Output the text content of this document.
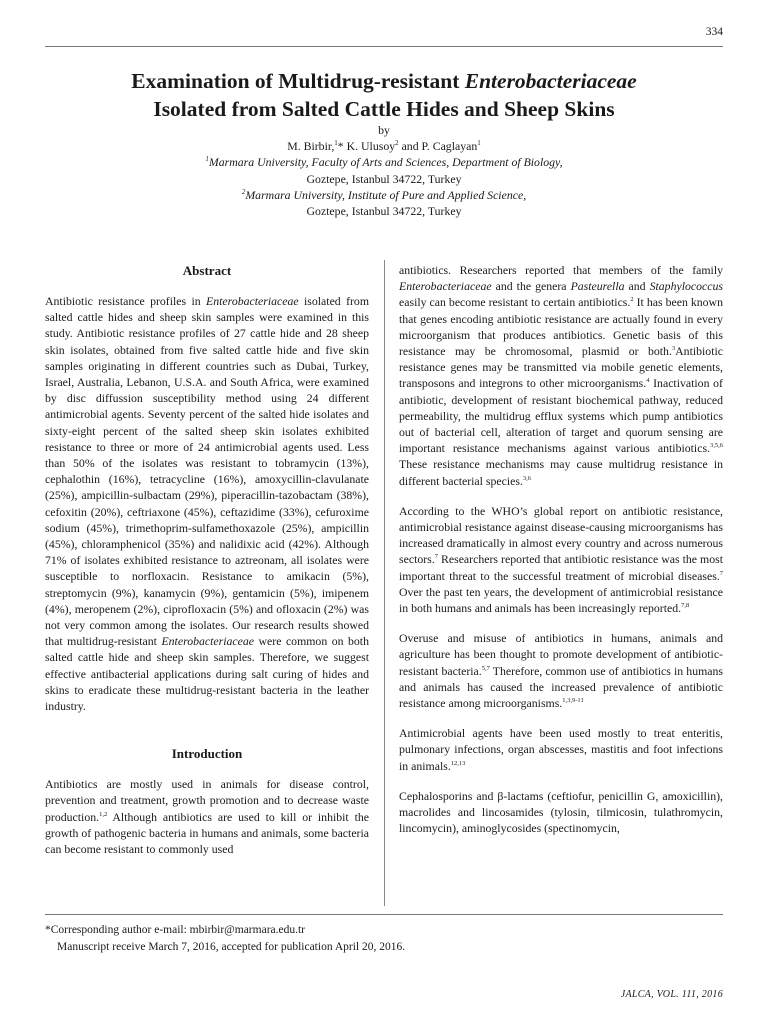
334
Examination of Multidrug-resistant Enterobacteriaceae
Isolated from Salted Cattle Hides and Sheep Skins
by
M. Birbir,$^1$* K. Ulusoy$^2$ and P. Caglayan$^1$
$^1$Marmara University, Faculty of Arts and Sciences, Department of Biology,
Goztepe, Istanbul 34722, Turkey
$^2$Marmara University, Institute of Pure and Applied Science,
Goztepe, Istanbul 34722, Turkey
Abstract

Antibiotic resistance profiles in Enterobacteriaceae isolated from salted cattle hides and sheep skin samples were examined in this study. Antibiotic resistance profiles of 27 cattle hide and 28 sheep skin isolates, obtained from five salted cattle hide and five skin samples originating in different countries such as Dubai, Turkey, Israel, Australia, Lebanon, U.S.A. and South Africa, were examined by disc diffussion susceptibility method using 24 different antimicrobial agents. Seventy percent of the salted hide isolates and sixty-eight percent of the salted sheep skin isolates exhibited resistance to three or more of 24 antimicrobial agents used. Less than 50% of the isolates was resistant to tobramycin (13%), cephalothin (16%), tetracycline (16%), amoxycillin-clavulanate (25%), ampicillin-sulbactam (29%), piperacillin-tazobactam (38%), cefoxitin (20%), ceftriaxone (45%), ceftazidime (33%), cefuroxime sodium (45%), trimethoprim-sulfamethoxazole (25%), ampicillin (45%), chloramphenicol (35%) and nalidixic acid (42%). Although 71% of isolates exhibited resistance to aztreonam, all isolates were susceptible to norfloxacin. Resistance to amikacin (5%), streptomycin (9%), kanamycin (9%), gentamicin (5%), imipenem (4%), meropenem (2%), ciprofloxacin (5%) and ofloxacin (2%) was not very common among the isolates. Our research results showed that multidrug-resistant Enterobacteriaceae were common on both salted cattle hide and sheep skin samples. Therefore, we suggest effective antibacterial applications during salt curing of hides and skins to eradicate these multidrug-resistant bacteria in the leather industry.

Introduction

Antibiotics are mostly used in animals for disease control, prevention and treatment, growth promotion and to decrease waste production.$^{1,2}$ Although antibiotics are used to kill or inhibit the growth of pathogenic bacteria in humans and animals, some bacteria can become resistant to commonly used

antibiotics. Researchers reported that members of the family Enterobacteriaceae and the genera Pasteurella and Staphylococcus easily can become resistant to certain antibiotics.$^2$ It has been known that genes encoding antibiotic resistance are actually found in every microorganism that produces antibiotics. Genetic basis of this resistance may be chromosomal, plasmid or both.$^3$Antibiotic resistance genes may be transmitted via mobile genetic elements, transposons and integrons to other microorganisms.$^4$ Inactivation of antibiotic, development of resistant biochemical pathway, reduced permeability, the multidrug efflux systems which pump antibiotics out of bacterial cell, alteration of target and quorum sensing are important resistance mechanisms against various antibiotics.$^{3,5,6}$ These resistance mechanisms may cause multidrug resistance in different bacterial species.$^{3,6}$

According to the WHO’s global report on antibiotic resistance, antimicrobial resistance against disease-causing microorganisms has increased dramatically in almost every country and across numerous sectors.$^7$ Researchers reported that antibiotic resistance was the most important threat to the successful treatment of microbial diseases.$^7$ Over the past ten years, the development of antimicrobial resistance in both humans and animals has been increasingly reported.$^{7,8}$

Overuse and misuse of antibiotics in humans, animals and agriculture has been thought to promote development of antibiotic-resistant bacteria.$^{5,7}$ Therefore, common use of antibiotics in humans and animals has caused the increased prevalence of antibiotic resistance among microorganisms.$^{1,3,9-11}$

Antimicrobial agents have been used mostly to treat enteritis, pulmonary infections, organ abscesses, mastitis and foot infections in animals.$^{12,13}$

Cephalosporins and β-lactams (ceftiofur, penicillin G, amoxicillin), macrolides and lincosamides (tylosin, tilmicosin, tulathromycin, lincomycin), aminoglycosides (spectinomycin,

*Corresponding author e-mail: mbirbir@marmara.edu.tr
Manuscript receive March 7, 2016, accepted for publication April 20, 2016.
JALCA, VOL. 111, 2016
